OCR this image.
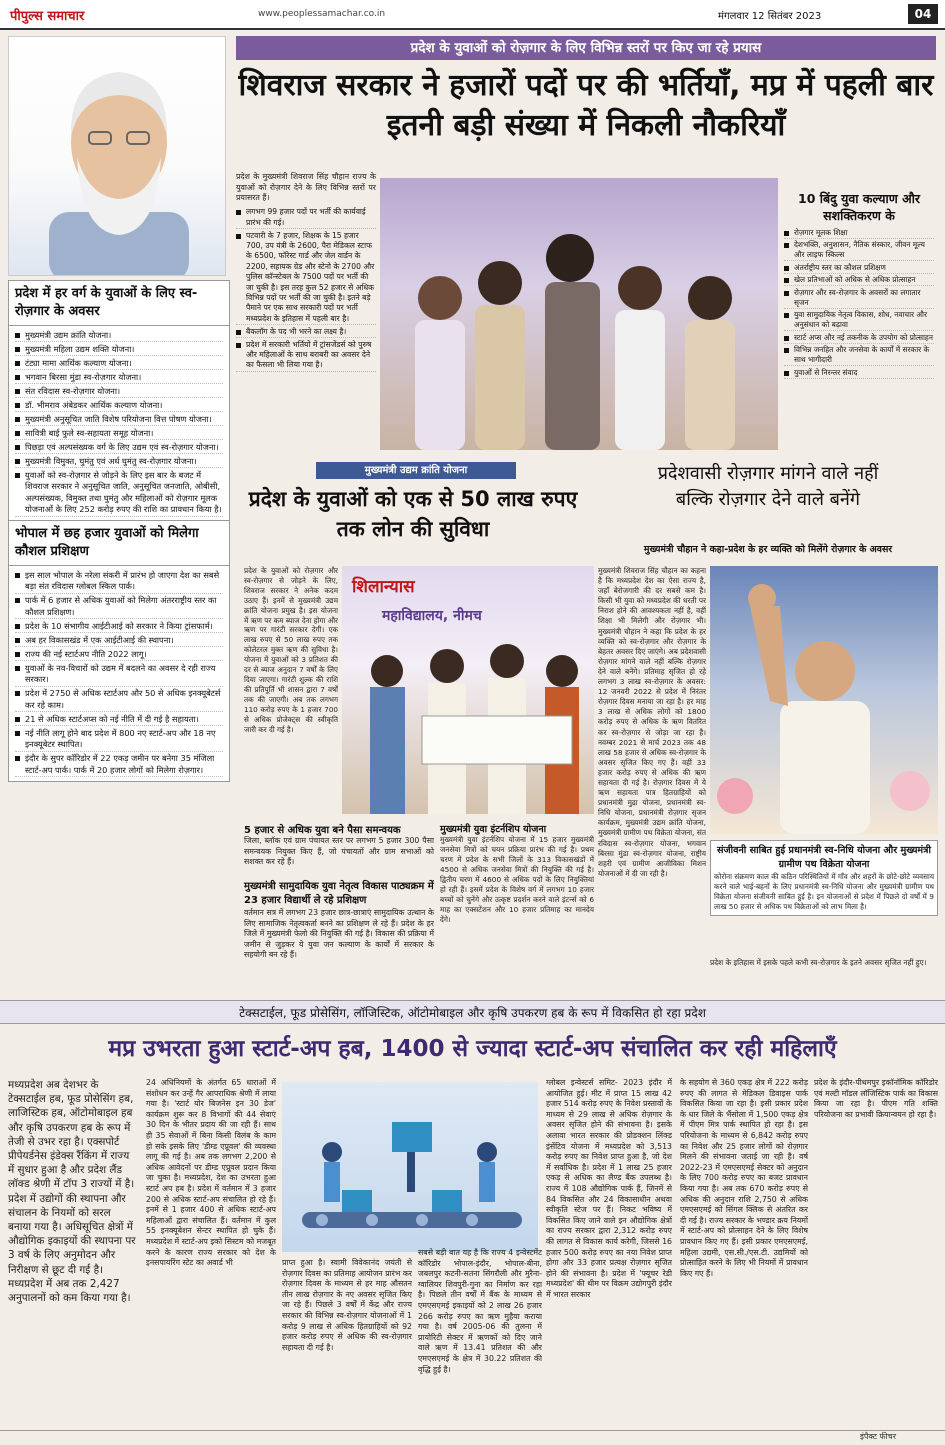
पीपुल्स समाचार	www.peoplessamachar.co.in	मंगलवार 12 सितंबर 2023	04
प्रदेश में हर वर्ग के युवाओं के लिए स्व-रोज़गार के अवसर
मुख्यमंत्री उद्यम क्रांति योजना।
मुख्यमंत्री महिला उद्यम शक्ति योजना।
टंट्या मामा आर्थिक कल्याण योजना।
भगवान बिरसा मुंडा स्व-रोज़गार योजना।
संत रविदास स्व-रोज़गार योजना।
डॉ. भीमराव अंबेडकर आर्थिक कल्याण योजना।
मुख्यमंत्री अनुसूचित जाति विशेष परियोजना वित्त पोषण योजना।
सावित्री बाई फुले स्व-सहायता समूह योजना।
पिछड़ा एवं अल्पसंख्यक वर्ग के लिए उद्यम एवं स्व-रोज़गार योजना।
मुख्यमंत्री विमुक्त, घुमंतु एवं अर्ध घुमंतु स्व-रोज़गार योजना।
युवाओं को स्व-रोज़गार से जोड़ने के लिए इस बार के बजट में शिवराज सरकार ने अनुसूचित जाति, अनुसूचित जनजाति, ओबीसी, अल्पसंख्यक, विमुक्त तथा घुमंतु और महिलाओं को रोज़गार मूलक योजनाओं के लिए 252 करोड़ रुपए की राशि का प्रावधान किया है।
भोपाल में छह हजार युवाओं को मिलेगा कौशल प्रशिक्षण
इस साल भोपाल के नरेला संकरी में प्रारंभ हो जाएगा देश का सबसे बड़ा संत रविदास ग्लोबल स्किल पार्क।
पार्क में 6 हजार से अधिक युवाओं को मिलेगा अंतरराष्ट्रीय स्तर का कौशल प्रशिक्षण।
प्रदेश के 10 संभागीय आईटीआई को सरकार ने किया ट्रांसफार्म।
अब हर विकासखंड में एक आईटीआई की स्थापना।
राज्य की नई स्टार्टअप नीति 2022 लागू।
युवाओं के नव-विचारों को उद्यम में बदलने का अवसर दे रही राज्य सरकार।
प्रदेश में 2750 से अधिक स्टार्टअप और 50 से अधिक इनक्यूबेटर्स कर रहे काम।
21 से अधिक स्टार्टअप्स को नई नीति में दी गई है सहायता।
नई नीति लागू होने बाद प्रदेश में 800 नए स्टार्ट-अप और 18 नए इनक्यूबेटर स्थापित।
इंदौर के सुपर कॉरिडोर में 22 एकड़ जमीन पर बनेगा 35 मंजिला स्टार्ट-अप पार्क। पार्क में 20 हजार लोगों को मिलेगा रोज़गार।
प्रदेश के युवाओं को रोज़गार के लिए विभिन्न स्तरों पर किए जा रहे प्रयास
शिवराज सरकार ने हजारों पदों पर की भर्तियाँ, मप्र में पहली बार इतनी बड़ी संख्या में निकली नौकरियाँ

प्रदेश के मुख्यमंत्री शिवराज सिंह चौहान राज्य के युवाओं को रोज़गार देने के लिए विभिन्न स्तरों पर प्रयासरत हैं।

लगभग 99 हजार पदों पर भर्ती की कार्यवाई प्रारंभ की गई।
पटवारी के 7 हजार, शिक्षक के 15 हजार 700, उप यंत्री के 2600, पैरा मेडिकल स्टाफ के 6500, फॉरेस्ट गार्ड और जेल वार्डन के 2200, सहायक ग्रेड और स्टेनो के 2700 और पुलिस कॉन्स्टेबल के 7500 पदों पर भर्ती की जा चुकी है। इस तरह कुल 52 हजार से अधिक विभिन्न पदों पर भर्ती की जा चुकी है। इतने बड़े पैमाने पर एक साथ सरकारी पदों पर भर्ती मध्यप्रदेश के इतिहास में पहली बार है।
बैकलॉग के पद भी भरने का लक्ष्य है।
प्रदेश में सरकारी भर्तियों में ट्रांसजेंडर्स को पुरुष और महिलाओं के साथ बराबरी का अवसर देने का फैसला भी लिया गया है।
10 बिंदु युवा कल्याण और सशक्तिकरण के
रोज़गार मूलक शिक्षा
देशभक्ति, अनुशासन, नैतिक संस्कार, जीवन मूल्य और लाइफ स्किल्स
अंतर्राष्ट्रीय स्तर का कौशल प्रशिक्षण
खेल प्रतिभाओं को अधिक से अधिक प्रोत्साहन
रोज़गार और स्व-रोज़गार के अवसरों का लगातार सृजन
युवा सामुदायिक नेतृत्व विकास, शोध, नवाचार और अनुसंधान को बढ़ावा
स्टार्ट अप्स और नई तकनीक के उपयोग को प्रोत्साहन
विभिन्न जनहित और जनसेवा के कार्यों में सरकार के साथ भागीदारी
युवाओं से निरन्तर संवाद
मुख्यमंत्री उद्यम क्रांति योजना
प्रदेश के युवाओं को एक से 50 लाख रुपए तक लोन की सुविधा
प्रदेश के युवाओं को रोज़गार और स्व-रोज़गार से जोड़ने के लिए, शिवराज सरकार ने अनेक कदम उठाए हैं। इनमें से मुख्यमंत्री उद्यम क्रांति योजना प्रमुख है। इस योजना में ऋण पर कम ब्याज देना होगा और ऋण पर गारंटी सरकार देगी। एक लाख रुपए से 50 लाख रुपए तक कोलेटरल मुक्त ऋण की सुविधा है। योजना में युवाओं को 3 प्रतिशत की दर से ब्याज अनुदान 7 वर्षों के लिए दिया जाएगा। गारंटी शुल्क की राशि की प्रतिपूर्ति भी शासन द्वारा 7 वर्षों तक की जाएगी। अब तक लगभग 110 करोड़ रुपए के 1 हजार 700 से अधिक प्रोजेक्ट्स की स्वीकृति जारी कर दी गई है।
शिलान्यास
महाविद्यालय, नीमच
5 हजार से अधिक युवा बने पैसा समन्वयक

जिला, ब्लॉक एवं ग्राम पंचायत स्तर पर लगभग 5 हजार 300 पैसा समन्वयक नियुक्त किए हैं, जो पंचायतों और ग्राम सभाओं को सशक्त कर रहे हैं।

मुख्यमंत्री सामुदायिक युवा नेतृत्व विकास पाठ्यक्रम में 23 हजार विद्यार्थी ले रहे प्रशिक्षण

वर्तमान सत्र में लगभग 23 हजार छात्र-छात्राएं सामुदायिक उत्थान के लिए सामाजिक नेतृत्वकर्ता बनने का प्रशिक्षण ले रहे हैं। प्रदेश के हर जिले में मुख्यमंत्री फेलो की नियुक्ति की गई है। विकास की प्रक्रिया में जमीन से जुड़कर ये युवा जन कल्याण के कार्यों में सरकार के सहयोगी बन रहे हैं।

मुख्यमंत्री युवा इंटर्नशिप योजना

मुख्यमंत्री युवा इंटर्नशिप योजना में 15 हजार मुख्यमंत्री जनसेवा मित्रों को चयन प्रक्रिया प्रारंभ की गई है। प्रथम चरण में प्रदेश के सभी जिलों के 313 विकासखंडों में 4500 से अधिक जनसेवा मित्रों की नियुक्ति की गई है। द्वितीय चरण में 4600 से अधिक पदों के लिए नियुक्तियां हो रही हैं। इसमें प्रदेश के विशेष वर्ग में लगभग 10 हजार बच्चों को चुनेंगे और उत्कृष्ट प्रदर्शन करने वाले इंटर्न्स को 6 माह का एक्सटेंशन और 10 हजार प्रतिमाह का मानदेय देंगे।

प्रदेशवासी रोज़गार मांगने वाले नहीं
बल्कि रोज़गार देने वाले बनेंगे
मुख्यमंत्री चौहान ने कहा-प्रदेश के हर व्यक्ति को मिलेंगे रोज़गार के अवसर
मुख्यमंत्री शिवराज सिंह चौहान का कहना है कि मध्यप्रदेश देश का ऐसा राज्य है, जहाँ बेरोजगारी की दर सबसे कम है। किसी भी युवा को मध्यप्रदेश की धरती पर निराश होने की आवश्यकता नहीं है, वहीं शिक्षा भी मिलेगी और रोज़गार भी। मुख्यमंत्री चौहान ने कहा कि प्रदेश के हर व्यक्ति को स्व-रोज़गार और रोज़गार के बेहतर अवसर दिए जाएंगे। अब प्रदेशवासी रोज़गार मांगने वाले नहीं बल्कि रोज़गार देने वाले बनेंगे। प्रतिमाह सृजित हो रहे लगभग 3 लाख स्व-रोज़गार के अवसर: 12 जनवरी 2022 से प्रदेश में निरंतर रोज़गार दिवस मनाया जा रहा है। हर माह 3 लाख से अधिक लोगों को 1800 करोड़ रुपए से अधिक के ऋण वितरित कर स्व-रोज़गार से जोड़ा जा रहा है। नवम्बर 2021 से मार्च 2023 तक 48 लाख 58 हजार से अधिक स्व-रोज़गार के अवसर सृजित किए गए हैं। वहीं 33 हजार करोड़ रुपए से अधिक की ऋण सहायता दी गई है। रोज़गार दिवस में ये ऋण सहायता पात्र हितग्राहियों को प्रधानमंत्री मुद्रा योजना, प्रधानमंत्री स्व-निधि योजना, प्रधानमंत्री रोज़गार सृजन कार्यक्रम, मुख्यमंत्री उद्यम क्रांति योजना, मुख्यमंत्री ग्रामीण पथ विक्रेता योजना, संत रविदास स्व-रोज़गार योजना, भगवान बिरसा मुंडा स्व-रोज़गार योजना, राष्ट्रीय शहरी एवं ग्रामीण आजीविका मिशन योजनाओं में दी जा रही है।
संजीवनी साबित हुई प्रधानमंत्री स्व-निधि योजना और मुख्यमंत्री ग्रामीण पथ विक्रेता योजना

कोरोना संक्रमण काल की कठिन परिस्थितियों में गाँव और शहरों के छोटे-छोटे व्यवसाय करने वाले भाई-बहनों के लिए प्रधानमंत्री स्व-निधि योजना और मुख्यमंत्री ग्रामीण पथ विक्रेता योजना संजीवनी साबित हुई है। इन योजनाओं से प्रदेश में पिछले दो वर्षों में 9 लाख 50 हजार से अधिक पथ विक्रेताओं को लाभ मिला है।

प्रदेश के इतिहास में इसके पहले कभी स्व-रोज़गार के इतने अवसर सृजित नहीं हुए।
टेक्सटाईल, फूड प्रोसेसिंग, लॉजिस्टिक, ऑटोमोबाइल और कृषि उपकरण हब के रूप में विकसित हो रहा प्रदेश
मप्र उभरता हुआ स्टार्ट-अप हब, 1400 से ज्यादा स्टार्ट-अप संचालित कर रही महिलाएँ
मध्यप्रदेश अब देशभर के टेक्सटाईल हब, फूड प्रोसेसिंग हब, लाजिस्टिक हब, ऑटोमोबाइल हब और कृषि उपकरण हब के रूप में तेजी से उभर रहा है। एक्सपोर्ट प्रीपेयर्डनेस इंडेक्स रैंकिंग में राज्य में सुधार हुआ है और प्रदेश लैंड लॉक्ड श्रेणी में टॉप 3 राज्यों में है। प्रदेश में उद्योगों की स्थापना और संचालन के नियमों को सरल बनाया गया है। अधिसूचित क्षेत्रों में औद्योगिक इकाइयों की स्थापना पर 3 वर्ष के लिए अनुमोदन और निरीक्षण से छूट दी गई है। मध्यप्रदेश में अब तक 2,427 अनुपालनों को कम किया गया है।
24 अधिनियमों के अंतर्गत 65 धाराओं में संशोधन कर उन्हें गैर आपराधिक श्रेणी में लाया गया है। 'स्टार्ट योर बिजनेस इन 30 डेज' कार्यक्रम शुरू कर 8 विभागों की 44 सेवाएं 30 दिन के भीतर प्रदाय की जा रही हैं। साथ ही 35 सेवाओं में बिना किसी विलंब के काम हो सके इसके लिए 'डीम्ड एप्रूवल' की व्यवस्था लागू की गई है। अब तक लगभग 2,200 से अधिक आवेदनों पर डीम्ड एप्रूवल प्रदान किया जा चुका है। मध्यप्रदेश, देश का उभरता हुआ स्टार्ट अप हब है। प्रदेश में वर्तमान में 3 हजार 200 से अधिक स्टार्ट-अप संचालित हो रहे हैं। इनमें से 1 हजार 400 से अधिक स्टार्ट-अप महिलाओं द्वारा संचालित हैं। वर्तमान में कुल 55 इनक्यूबेशन सेन्टर स्थापित हो चुके हैं। मध्यप्रदेश में स्टार्ट-अप इको सिस्टम को मजबूत करने के कारण राज्य सरकार को देश के इनसपायरिंग स्टेट का अवार्ड भी	प्राप्त हुआ है। स्वामी विवेकानंद जयंती से रोज़गार दिवस का प्रतिमाह आयोजन प्रारंभ कर रोज़गार दिवस के माध्यम से हर माह औसतन तीन लाख रोज़गार के नए अवसर सृजित किए जा रहे हैं। पिछले 3 वर्षों में केंद्र और राज्य सरकार की विभिन्न स्व-रोज़गार योजनाओं में 1 करोड़ 9 लाख से अधिक हितग्राहियों को 92 हजार करोड़ रुपए से अधिक की स्व-रोज़गार सहायता दी गई है।
सबसे बड़ी बात यह है कि राज्य 4 इन्वेस्टमेंट कॉरिडोर भोपाल-इंदौर, भोपाल-बीना, जबलपुर कटनी-सतना सिंगरौली और मुरैना-ग्वालियर शिवपुरी-गुना का निर्माण कर रहा है। पिछले तीन वर्षों में बैंक के माध्यम से एमएसएमई इकाइयों को 2 लाख 26 हजार 266 करोड़ रुपए का ऋण मुहैया कराया गया है। वर्ष 2005-06 की तुलना में प्रायोरिटी सेक्टर में ऋणकों को दिए जाने वाले ऋण में 13.41 प्रतिशत की और एमएसएमई के क्षेत्र में 30.22 प्रतिशत की वृद्धि हुई है।
ग्लोबल इन्वेस्टर्स समिट- 2023 इंदौर में आयोजित हुई। मीट में प्राप्त 15 लाख 42 हजार 514 करोड़ रुपए के निवेश प्रस्तावों के माध्यम से 29 लाख से अधिक रोज़गार के अवसर सृजित होने की संभावना है। इसके अलावा भारत सरकार की प्रोडक्शन लिंक्ड इंसेंटिव योजना में मध्यप्रदेश को 3,513 करोड़ रुपए का निवेश प्राप्त हुआ है, जो देश में सर्वाधिक है। प्रदेश में 1 लाख 25 हजार एकड़ से अधिक का लैण्ड बैंक उपलब्ध है। राज्य में 108 औद्योगिक पार्क हैं, जिनमें से 84 विकसित और 24 विकासाधीन अथवा स्वीकृति स्टेज पर हैं। निकट भविष्य में विकसित किए जाने वाले इन औद्योगिक क्षेत्रों का राज्य सरकार द्वारा 2,312 करोड़ रुपए की लागत से विकास कार्य करेगी, जिससे 16 हजार 500 करोड़ रुपए का नया निवेश प्राप्त होगा और 33 हजार प्रत्यक्ष रोज़गार सृजित होने की संभावना है। प्रदेश में 'फ्यूचर रेडी मध्यप्रदेश' की थीम पर विक्रम उद्योगपुरी इंदौर में भारत सरकार
के सहयोग से 360 एकड़ क्षेत्र में 222 करोड़ रुपए की लागत से मेडिकल डिवाइस पार्क विकसित किया जा रहा है। इसी प्रकार प्रदेश के धार जिले के भैंसोला में 1,500 एकड़ क्षेत्र में पीएम मित्र पार्क स्थापित हो रहा है। इस परियोजना के माध्यम से 6,842 करोड़ रुपए का निवेश और 25 हजार लोगों को रोज़गार मिलने की संभावना जताई जा रही है। वर्ष 2022-23 में एमएसएमई सेक्टर को अनुदान के लिए 700 करोड़ रुपए का बजट प्रावधान किया गया है। अब तक 670 करोड़ रुपए से अधिक की अनुदान राशि 2,750 से अधिक एमएसएमई को सिंगल क्लिक से अंतरित कर दी गई है। राज्य सरकार के भण्डार क्रय नियमों में स्टार्ट-अप को प्रोत्साहन देने के लिए विशेष प्रावधान किए गए हैं। इसी प्रकार एमएसएमई, महिला उद्यमी, एस.सी./एस.टी. उद्यमियों को प्रोत्साहित करने के लिए भी नियमों में प्रावधान किए गए हैं।
प्रदेश के इंदौर-पीथमपुर इकॉनॉमिक कॉरिडोर एवं मल्टी मॉडल लॉजिस्टिक पार्क का विकास किया जा रहा है। पीएम गति शक्ति परियोजना का प्रभावी क्रियान्वयन हो रहा है।
इंपैक्ट फीचर
